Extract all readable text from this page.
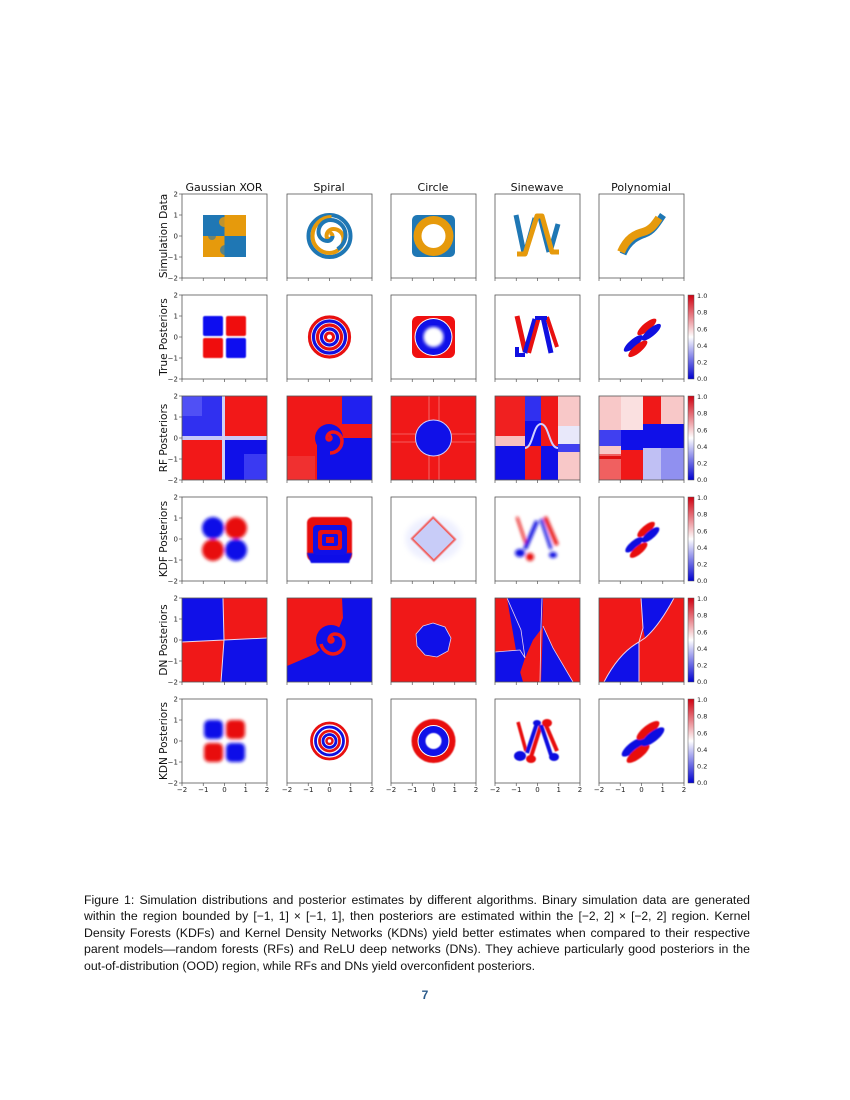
Gaussian XOR	Spiral	Circle	Sinewave	Polynomial
Simulation Data
True Posteriors
RF Posteriors
KDF Posteriors
DN Posteriors
KDN Posteriors
2
1
0
−1
−2
2
1
0
−1
−2
2
1
0
−1
−2
2
1
0
−1
−2
2
1
0
−1
−2
2
1
0
−1
−2
−2 −1 0 1 2 −2 −1 0 1 2 −2 −1 0 1 2 −2 −1 0 1 2 −2 −1 0 1 2
1.0
0.8
0.6
0.4
0.2
0.0
1.0
0.8
0.6
0.4
0.2
0.0
1.0
0.8
0.6
0.4
0.2
0.0
1.0
0.8
0.6
0.4
0.2
0.0
1.0
0.8
0.6
0.4
0.2
0.0
Figure 1: Simulation distributions and posterior estimates by different algorithms. Binary simulation data are generated within the region bounded by [−1, 1] × [−1, 1], then posteriors are estimated within the [−2, 2] × [−2, 2] region. Kernel Density Forests (KDFs) and Kernel Density Networks (KDNs) yield better estimates when compared to their respective parent models—random forests (RFs) and ReLU deep networks (DNs). They achieve particularly good posteriors in the out-of-distribution (OOD) region, while RFs and DNs yield overconfident posteriors.
7
